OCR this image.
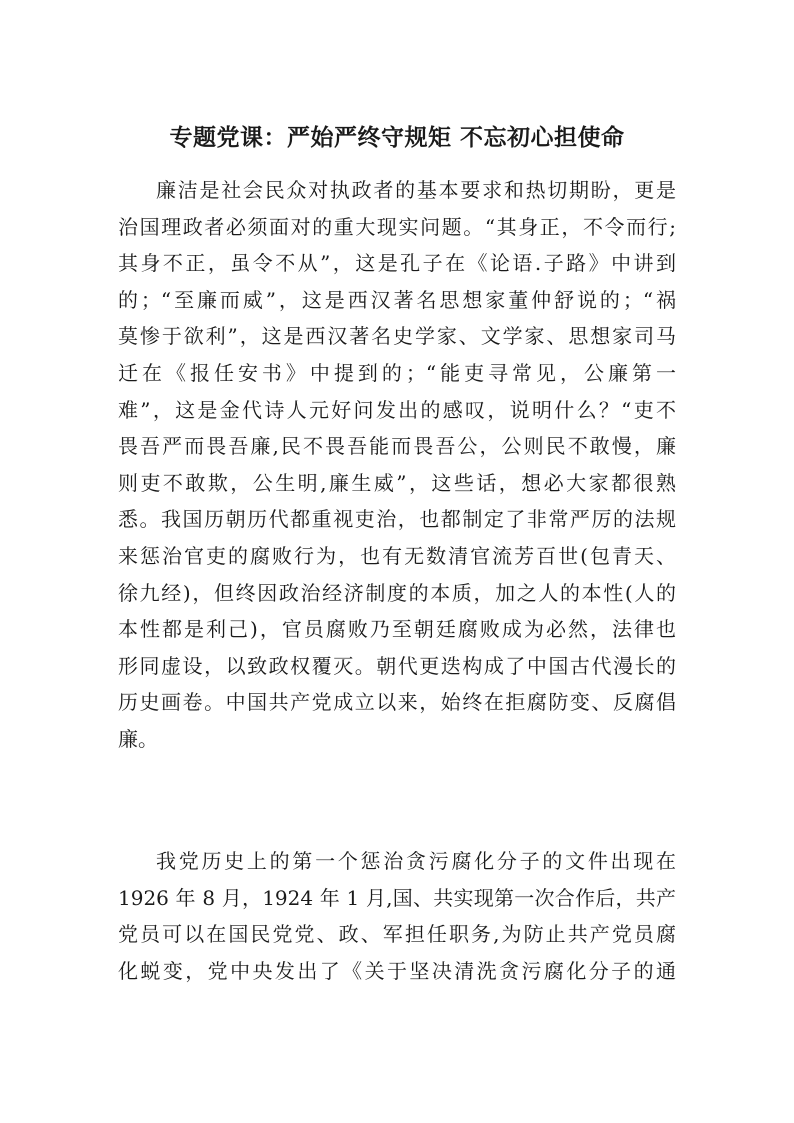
专题党课：严始严终守规矩 不忘初心担使命
廉洁是社会民众对执政者的基本要求和热切期盼，更是
治国理政者必须面对的重大现实问题。“其身正，不令而行;
其身不正，虽令不从”，这是孔子在《论语.子路》中讲到
的；“至廉而威”，这是西汉著名思想家董仲舒说的；“祸
莫惨于欲利”，这是西汉著名史学家、文学家、思想家司马
迁在《报任安书》中提到的；“能吏寻常见，公廉第一
难”，这是金代诗人元好问发出的感叹，说明什么？“吏不
畏吾严而畏吾廉,民不畏吾能而畏吾公，公则民不敢慢，廉
则吏不敢欺，公生明,廉生威”，这些话，想必大家都很熟
悉。我国历朝历代都重视吏治，也都制定了非常严厉的法规
来惩治官吏的腐败行为，也有无数清官流芳百世(包青天、
徐九经)，但终因政治经济制度的本质，加之人的本性(人的
本性都是利己)，官员腐败乃至朝廷腐败成为必然，法律也
形同虚设，以致政权覆灭。朝代更迭构成了中国古代漫长的
历史画卷。中国共产党成立以来，始终在拒腐防变、反腐倡
廉。
我党历史上的第一个惩治贪污腐化分子的文件出现在
1926 年 8 月，1924 年 1 月,国、共实现第一次合作后，共产
党员可以在国民党党、政、军担任职务,为防止共产党员腐
化蜕变，党中央发出了《关于坚决清洗贪污腐化分子的通
